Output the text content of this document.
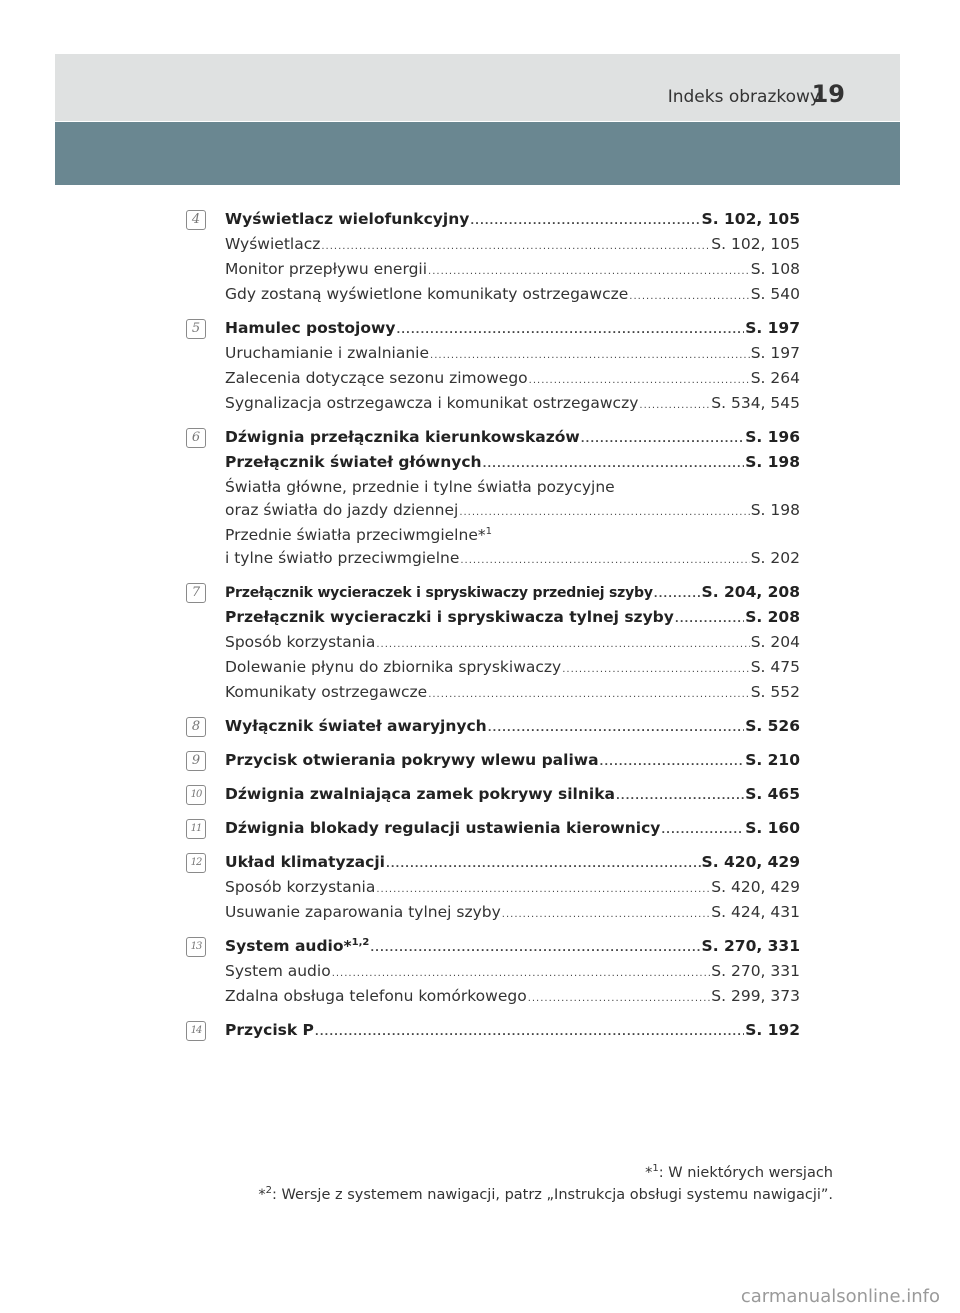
Indeks obrazkowy
19
4	Wyświetlacz wielofunkcyjny .....	S. 102, 105
Wyświetlacz .....	S. 102, 105
Monitor przepływu energii .....	S. 108
Gdy zostaną wyświetlone komunikaty ostrzegawcze .....	S. 540
5	Hamulec postojowy .....	S. 197
Uruchamianie i zwalnianie .....	S. 197
Zalecenia dotyczące sezonu zimowego .....	S. 264
Sygnalizacja ostrzegawcza i komunikat ostrzegawczy .....	S. 534, 545
6	Dźwignia przełącznika kierunkowskazów .....	S. 196
Przełącznik świateł głównych .....	S. 198
Światła główne, przednie i tylne światła pozycyjne
oraz światła do jazdy dziennej .....	S. 198
Przednie światła przeciwmgielne*$^1$
i tylne światło przeciwmgielne .....	S. 202
7	Przełącznik wycieraczek i spryskiwaczy przedniej szyby .....	S. 204, 208
Przełącznik wycieraczki i spryskiwacza tylnej szyby .....	S. 208
Sposób korzystania .....	S. 204
Dolewanie płynu do zbiornika spryskiwaczy .....	S. 475
Komunikaty ostrzegawcze .....	S. 552
8	Wyłącznik świateł awaryjnych .....	S. 526
9	Przycisk otwierania pokrywy wlewu paliwa .....	S. 210
10 Dźwignia zwalniająca zamek pokrywy silnika .....	S. 465
11 Dźwignia blokady regulacji ustawienia kierownicy .....	S. 160
12 Układ klimatyzacji .....	S. 420, 429
Sposób korzystania .....	S. 420, 429
Usuwanie zaparowania tylnej szyby .....	S. 424, 431
13 System audio*$^{1,2}$ .....	S. 270, 331
System audio .....	S. 270, 331
Zdalna obsługa telefonu komórkowego .....	S. 299, 373
14 Przycisk P .....	S. 192
*$^1$: W niektórych wersjach
*$^2$: Wersje z systemem nawigacji, patrz „Instrukcja obsługi systemu nawigacji”.
carmanualsonline.info
